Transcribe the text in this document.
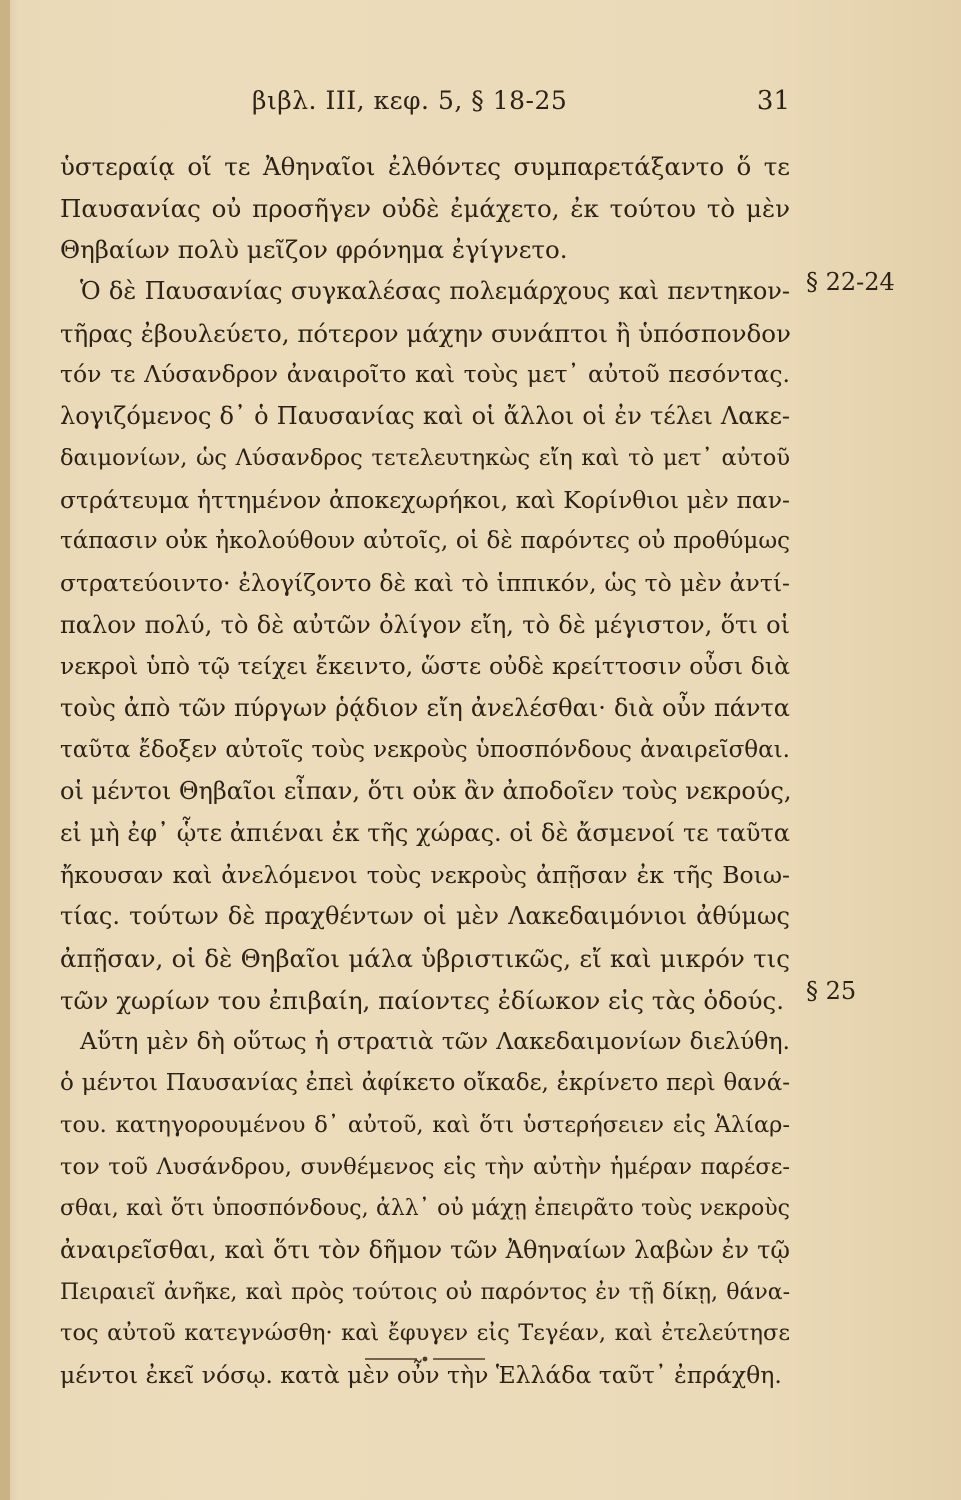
βιβλ. ΙΙΙ, κεφ. 5, § 18-25	31
ὑστεραίᾳ οἵ τε Ἀθηναῖοι ἐλθόντες συμπαρετάξαντο ὅ τε
Παυσανίας οὐ προσῆγεν οὐδὲ ἐμάχετο, ἐκ τούτου τὸ μὲν
Θηβαίων πολὺ μεῖζον φρόνημα ἐγίγνετο.
Ὁ δὲ Παυσανίας συγκαλέσας πολεμάρχους καὶ πεντηκον-
τῆρας ἐβουλεύετο, πότερον μάχην συνάπτοι ἢ ὑπόσπονδον
τόν τε Λύσανδρον ἀναιροῖτο καὶ τοὺς μετ᾽ αὐτοῦ πεσόντας.
λογιζόμενος δ᾽ ὁ Παυσανίας καὶ οἱ ἄλλοι οἱ ἐν τέλει Λακε-
δαιμονίων, ὡς Λύσανδρος τετελευτηκὼς εἴη καὶ τὸ μετ᾽ αὐτοῦ
στράτευμα ἡττημένον ἀποκεχωρήκοι, καὶ Κορίνθιοι μὲν παν-
τάπασιν οὐκ ἠκολούθουν αὐτοῖς, οἱ δὲ παρόντες οὐ προθύμως
στρατεύοιντο· ἐλογίζοντο δὲ καὶ τὸ ἱππικόν, ὡς τὸ μὲν ἀντί-
παλον πολύ, τὸ δὲ αὐτῶν ὀλίγον εἴη, τὸ δὲ μέγιστον, ὅτι οἱ
νεκροὶ ὑπὸ τῷ τείχει ἔκειντο, ὥστε οὐδὲ κρείττοσιν οὖσι διὰ
τοὺς ἀπὸ τῶν πύργων ῥᾴδιον εἴη ἀνελέσθαι· διὰ οὖν πάντα
ταῦτα ἔδοξεν αὐτοῖς τοὺς νεκροὺς ὑποσπόνδους ἀναιρεῖσθαι.
οἱ μέντοι Θηβαῖοι εἶπαν, ὅτι οὐκ ἂν ἀποδοῖεν τοὺς νεκρούς,
εἰ μὴ ἐφ᾽ ᾧτε ἀπιέναι ἐκ τῆς χώρας. οἱ δὲ ἄσμενοί τε ταῦτα
ἤκουσαν καὶ ἀνελόμενοι τοὺς νεκροὺς ἀπῇσαν ἐκ τῆς Βοιω-
τίας. τούτων δὲ πραχθέντων οἱ μὲν Λακεδαιμόνιοι ἀθύμως
ἀπῇσαν, οἱ δὲ Θηβαῖοι μάλα ὑβριστικῶς, εἴ καὶ μικρόν τις
τῶν χωρίων του ἐπιβαίη, παίοντες ἐδίωκον εἰς τὰς ὁδούς.
Αὕτη μὲν δὴ οὕτως ἡ στρατιὰ τῶν Λακεδαιμονίων διελύθη.
ὁ μέντοι Παυσανίας ἐπεὶ ἀφίκετο οἴκαδε, ἐκρίνετο περὶ θανά-
του. κατηγορουμένου δ᾽ αὐτοῦ, καὶ ὅτι ὑστερήσειεν εἰς Ἁλίαρ-
τον τοῦ Λυσάνδρου, συνθέμενος εἰς τὴν αὐτὴν ἡμέραν παρέσε-
σθαι, καὶ ὅτι ὑποσπόνδους, ἀλλ᾽ οὐ μάχῃ ἐπειρᾶτο τοὺς νεκροὺς
ἀναιρεῖσθαι, καὶ ὅτι τὸν δῆμον τῶν Ἀθηναίων λαβὼν ἐν τῷ
Πειραιεῖ ἀνῆκε, καὶ πρὸς τούτοις οὐ παρόντος ἐν τῇ δίκῃ, θάνα-
τος αὐτοῦ κατεγνώσθη· καὶ ἔφυγεν εἰς Τεγέαν, καὶ ἐτελεύτησε
μέντοι ἐκεῖ νόσῳ. κατὰ μὲν οὖν τὴν Ἑλλάδα ταῦτ᾽ ἐπράχθη.
§ 22-24
§ 25
